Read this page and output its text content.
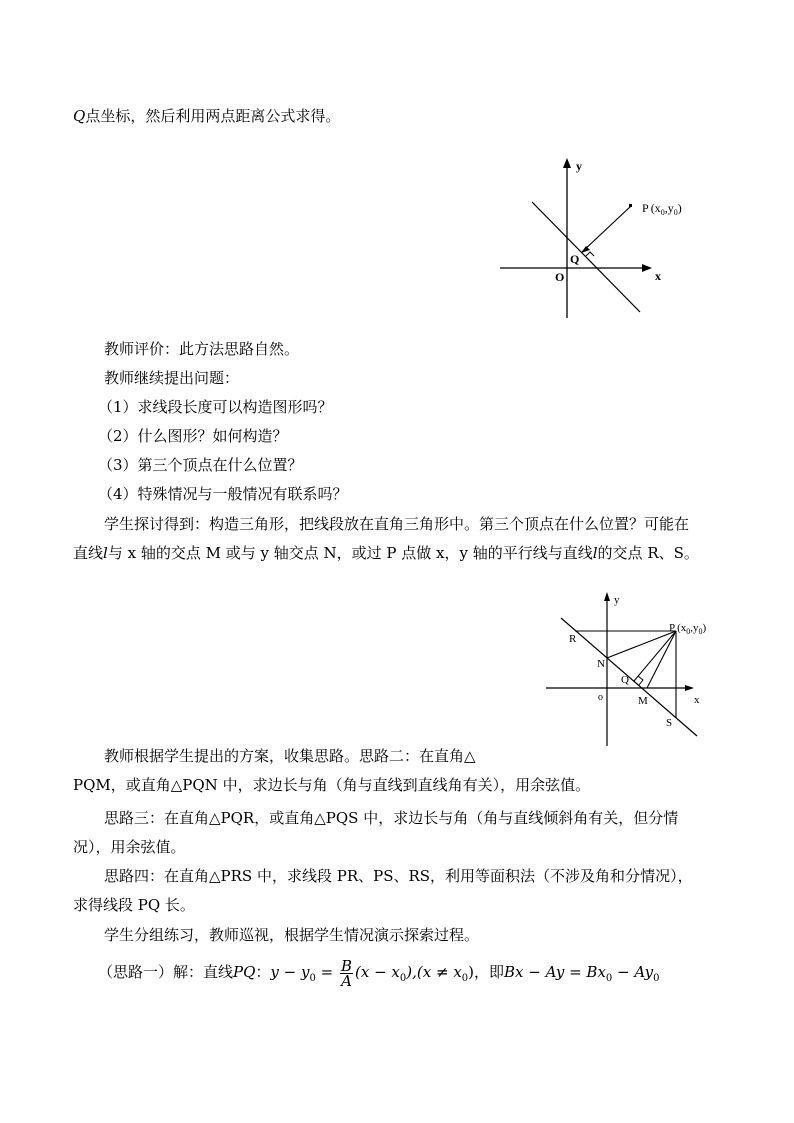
Q点坐标，然后利用两点距离公式求得。
y
x
O
Q
P $(x_0,y_0)$
教师评价：此方法思路自然。
教师继续提出问题：
（1）求线段长度可以构造图形吗？
（2）什么图形？如何构造？
（3）第三个顶点在什么位置？
（4）特殊情况与一般情况有联系吗？
学生探讨得到：构造三角形，把线段放在直角三角形中。第三个顶点在什么位置？可能在
直线l与 x 轴的交点 M 或与 y 轴交点 N，或过 P 点做 x，y 轴的平行线与直线l的交点 R、S。
y
x
R
N
Q
o	M
S
P $(x_0,y_0)$
教师根据学生提出的方案，收集思路。思路二：在直角△
PQM，或直角△PQN 中，求边长与角（角与直线到直线角有关），用余弦值。
思路三：在直角△PQR，或直角△PQS 中，求边长与角（角与直线倾斜角有关，但分情
况），用余弦值。
思路四：在直角△PRS 中，求线段 PR、PS、RS，利用等面积法（不涉及角和分情况），
求得线段 PQ 长。
学生分组练习，教师巡视，根据学生情况演示探索过程。
（思路一）解：直线PQ：$y - y_0 = \frac{B}{A} (x - x_0),(x \ne x_0)$，即$Bx - Ay = Bx_0 - Ay_0$
